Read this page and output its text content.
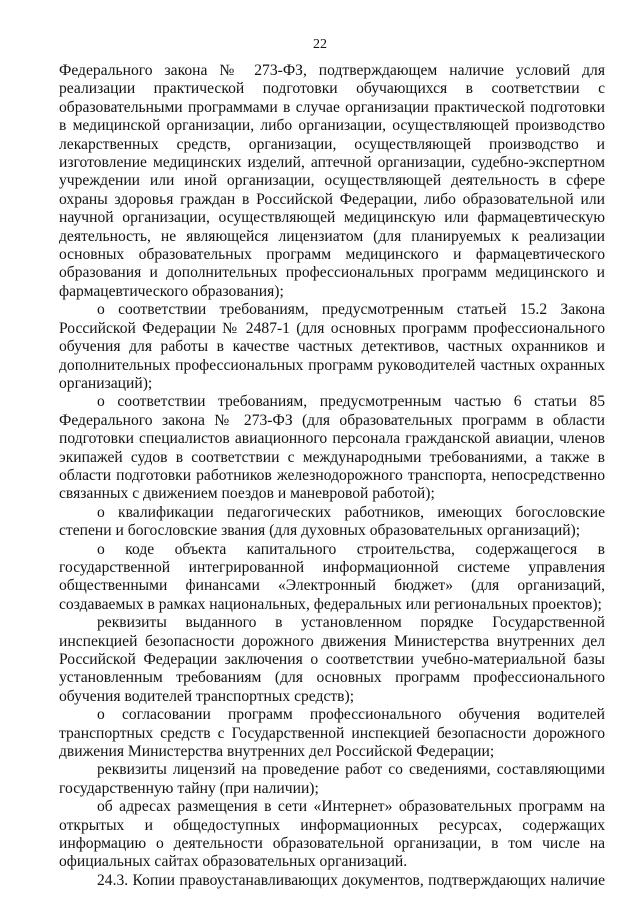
22

Федерального закона № 273-ФЗ, подтверждающем наличие условий для реализации практической подготовки обучающихся в соответствии с образовательными программами в случае организации практической подготовки в медицинской организации, либо организации, осуществляющей производство лекарственных средств, организации, осуществляющей производство и изготовление медицинских изделий, аптечной организации, судебно-экспертном учреждении или иной организации, осуществляющей деятельность в сфере охраны здоровья граждан в Российской Федерации, либо образовательной или научной организации, осуществляющей медицинскую или фармацевтическую деятельность, не являющейся лицензиатом (для планируемых к реализации основных образовательных программ медицинского и фармацевтического образования и дополнительных профессиональных программ медицинского и фармацевтического образования);

о соответствии требованиям, предусмотренным статьей 15.2 Закона Российской Федерации № 2487-1 (для основных программ профессионального обучения для работы в качестве частных детективов, частных охранников и дополнительных профессиональных программ руководителей частных охранных организаций);

о соответствии требованиям, предусмотренным частью 6 статьи 85 Федерального закона № 273-ФЗ (для образовательных программ в области подготовки специалистов авиационного персонала гражданской авиации, членов экипажей судов в соответствии с международными требованиями, а также в области подготовки работников железнодорожного транспорта, непосредственно связанных с движением поездов и маневровой работой);

о квалификации педагогических работников, имеющих богословские степени и богословские звания (для духовных образовательных организаций);

о коде объекта капитального строительства, содержащегося в государственной интегрированной информационной системе управления общественными финансами «Электронный бюджет» (для организаций, создаваемых в рамках национальных, федеральных или региональных проектов);

реквизиты выданного в установленном порядке Государственной инспекцией безопасности дорожного движения Министерства внутренних дел Российской Федерации заключения о соответствии учебно-материальной базы установленным требованиям (для основных программ профессионального обучения водителей транспортных средств);

о согласовании программ профессионального обучения водителей транспортных средств с Государственной инспекцией безопасности дорожного движения Министерства внутренних дел Российской Федерации;

реквизиты лицензий на проведение работ со сведениями, составляющими государственную тайну (при наличии);

об адресах размещения в сети «Интернет» образовательных программ на открытых и общедоступных информационных ресурсах, содержащих информацию о деятельности образовательной организации, в том числе на официальных сайтах образовательных организаций.

24.3. Копии правоустанавливающих документов, подтверждающих наличие
